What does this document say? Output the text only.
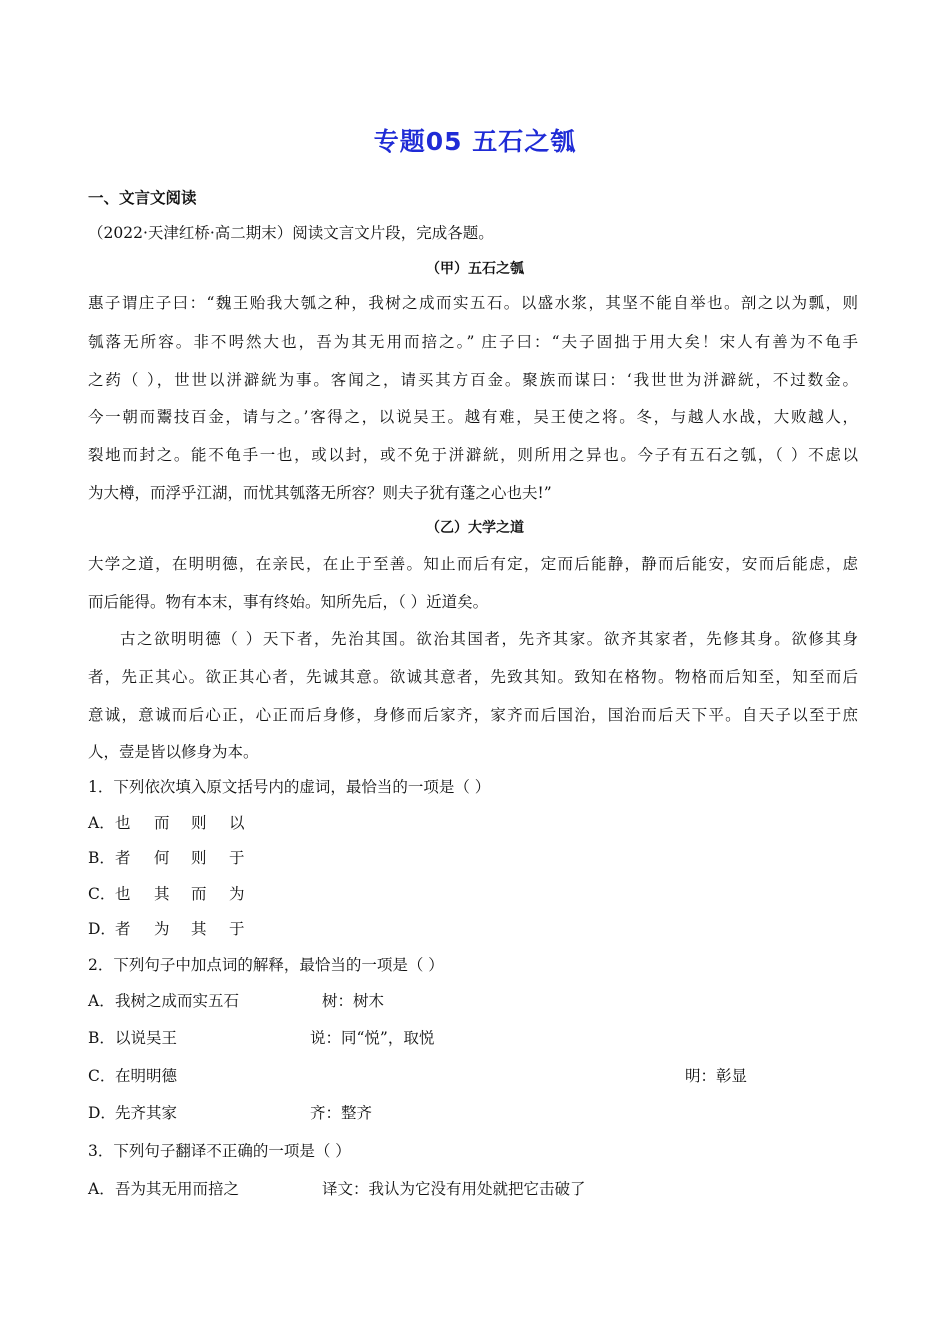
专题05 五石之瓠
一、文言文阅读
（2022·天津红桥·高二期末）阅读文言文片段，完成各题。
（甲）五石之瓠
惠子谓庄子曰：“魏王贻我大瓠之种，我树之成而实五石。以盛水浆，其坚不能自举也。剖之以为瓢，则
瓠落无所容。非不呺然大也，吾为其无用而掊之。” 庄子曰：“夫子固拙于用大矣！宋人有善为不龟手
之药（ ），世世以洴澼絖为事。客闻之，请买其方百金。聚族而谋曰：‘我世世为洴澼絖，不过数金。
今一朝而鬻技百金，请与之。’客得之，以说吴王。越有难，吴王使之将。冬，与越人水战，大败越人，
裂地而封之。能不龟手一也，或以封，或不免于洴澼絖，则所用之异也。今子有五石之瓠，（ ）不虑以
为大樽，而浮乎江湖，而忧其瓠落无所容？则夫子犹有蓬之心也夫!”
（乙）大学之道
大学之道，在明明德，在亲民，在止于至善。知止而后有定，定而后能静，静而后能安，安而后能虑，虑
而后能得。物有本末，事有终始。知所先后，（ ）近道矣。
古之欲明明德（ ）天下者，先治其国。欲治其国者，先齐其家。欲齐其家者，先修其身。欲修其身
者，先正其心。欲正其心者，先诚其意。欲诚其意者，先致其知。致知在格物。物格而后知至，知至而后
意诚，意诚而后心正，心正而后身修，身修而后家齐，家齐而后国治，国治而后天下平。自天子以至于庶
人，壹是皆以修身为本。
1．下列依次填入原文括号内的虚词，最恰当的一项是（ ）
A． 也 而 则 以
B． 者 何 则 于
C． 也 其 而 为
D． 者 为 其 于
2．下列句子中加点词的解释，最恰当的一项是（ ）
A． 我树之成而实五石	树：树木
B． 以说吴王	说：同“悦”，取悦
C． 在明明德	明：彰显
D． 先齐其家	齐：整齐
3．下列句子翻译不正确的一项是（ ）
A． 吾为其无用而掊之	译文：我认为它没有用处就把它击破了
